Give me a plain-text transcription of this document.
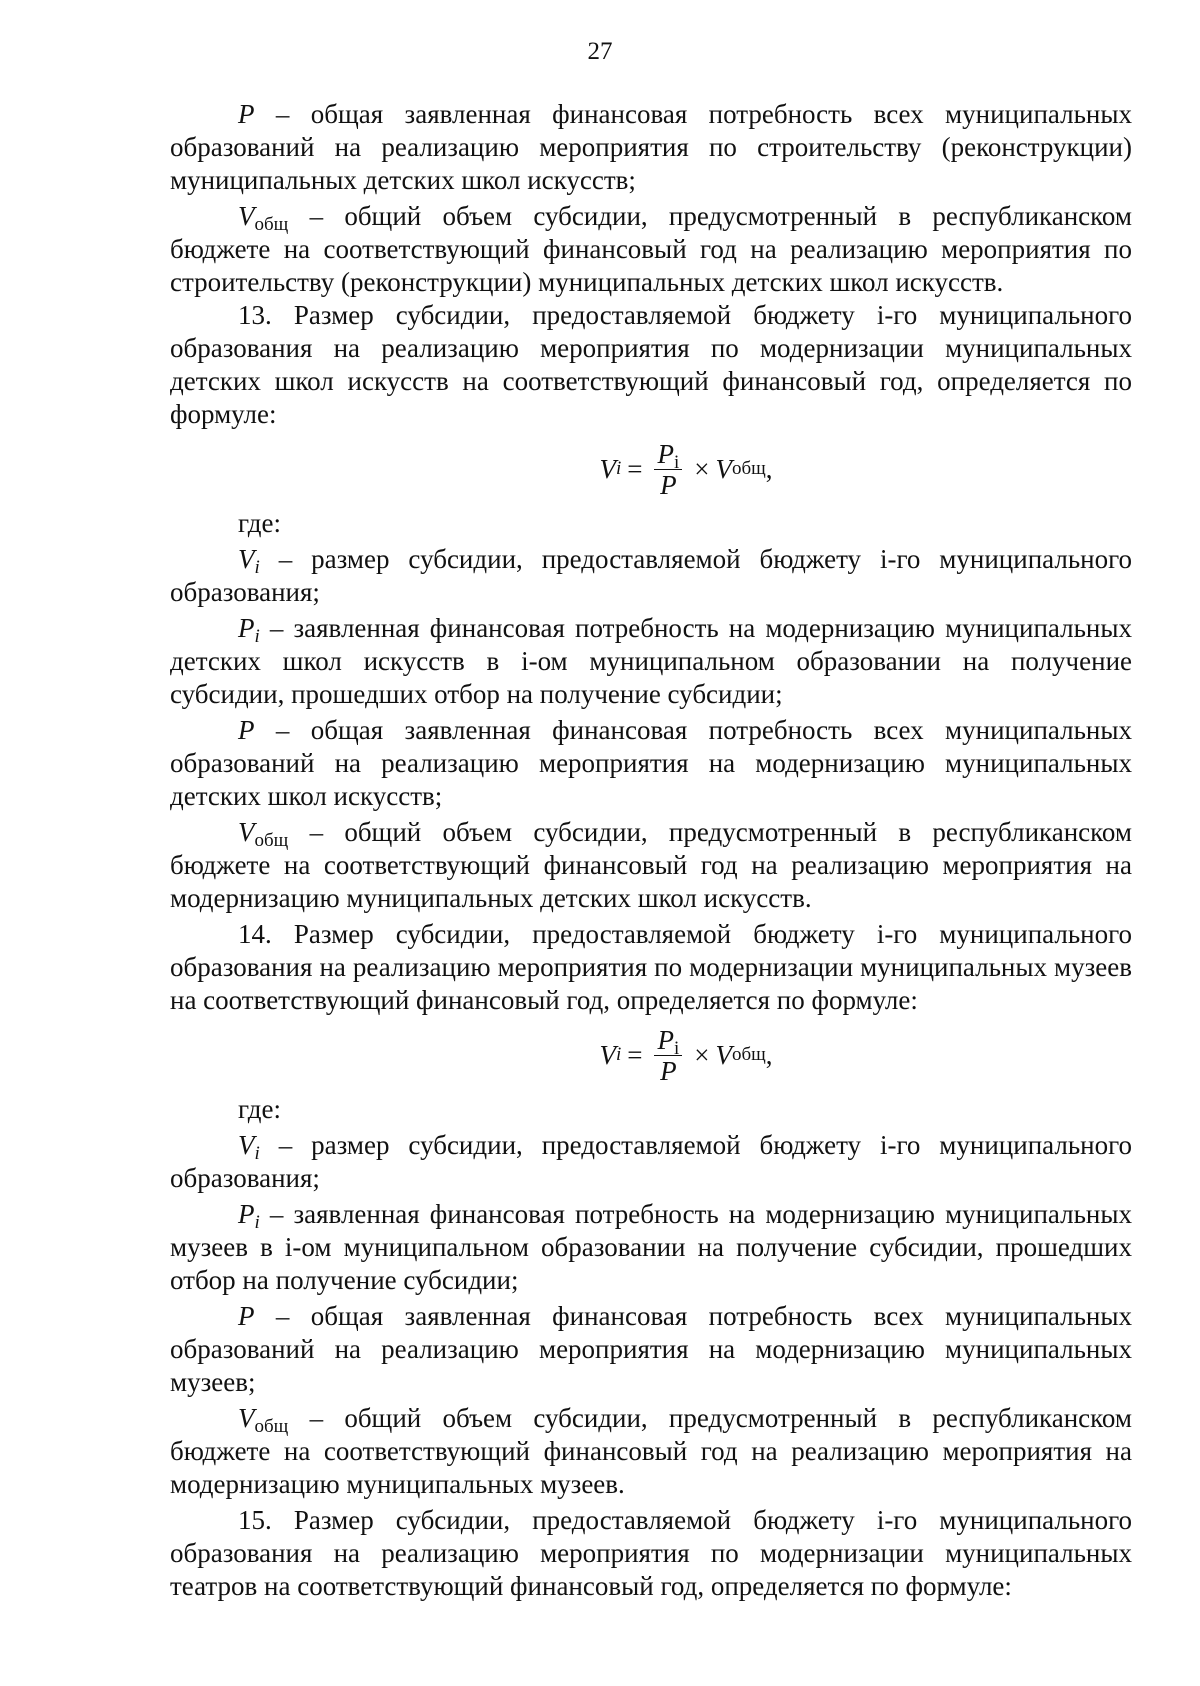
27

P – общая заявленная финансовая потребность всех муниципальных образований на реализацию мероприятия по строительству (реконструкции) муниципальных детских школ искусств;

$V_{общ}$ – общий объем субсидии, предусмотренный в республиканском бюджете на соответствующий финансовый год на реализацию мероприятия по строительству (реконструкции) муниципальных детских школ искусств.

13. Размер субсидии, предоставляемой бюджету i-го муниципального образования на реализацию мероприятия по модернизации муниципальных детских школ искусств на соответствующий финансовый год, определяется по формуле:

V $i = \frac{P_i}{P} \times V$ общ ,

где:

$V_i$ – размер субсидии, предоставляемой бюджету i-го муниципального образования;

$P_i$ – заявленная финансовая потребность на модернизацию муниципальных детских школ искусств в i-ом муниципальном образовании на получение субсидии, прошедших отбор на получение субсидии;

P – общая заявленная финансовая потребность всех муниципальных образований на реализацию мероприятия на модернизацию муниципальных детских школ искусств;

$V_{общ}$ – общий объем субсидии, предусмотренный в республиканском бюджете на соответствующий финансовый год на реализацию мероприятия на модернизацию муниципальных детских школ искусств.

14. Размер субсидии, предоставляемой бюджету i-го муниципального образования на реализацию мероприятия по модернизации муниципальных музеев на соответствующий финансовый год, определяется по формуле:

V $i = \frac{P_i}{P} \times V$ общ ,

где:

$V_i$ – размер субсидии, предоставляемой бюджету i-го муниципального образования;

$P_i$ – заявленная финансовая потребность на модернизацию муниципальных музеев в i-ом муниципальном образовании на получение субсидии, прошедших отбор на получение субсидии;

P – общая заявленная финансовая потребность всех муниципальных образований на реализацию мероприятия на модернизацию муниципальных музеев;

$V_{общ}$ – общий объем субсидии, предусмотренный в республиканском бюджете на соответствующий финансовый год на реализацию мероприятия на модернизацию муниципальных музеев.

15. Размер субсидии, предоставляемой бюджету i-го муниципального образования на реализацию мероприятия по модернизации муниципальных театров на соответствующий финансовый год, определяется по формуле:
